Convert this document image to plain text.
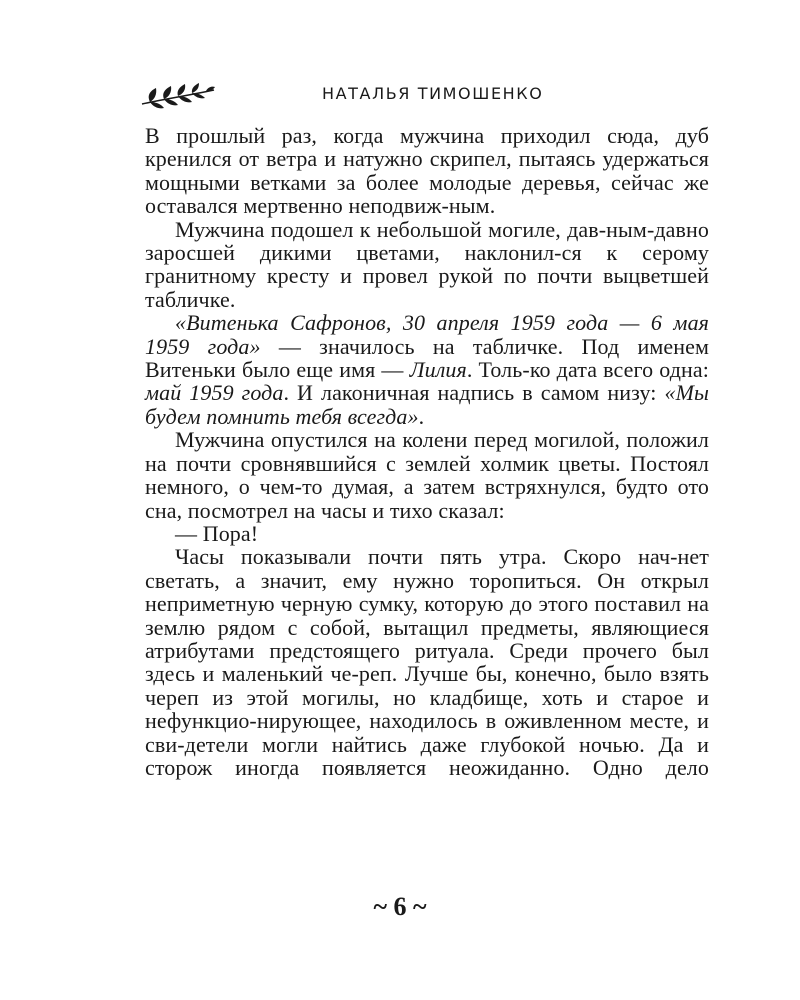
НАТАЛЬЯ ТИМОШЕНКО

В прошлый раз, когда мужчина приходил сюда, дуб кренился от ветра и натужно скрипел, пытаясь удержаться мощными ветками за более молодые деревья, сейчас же оставался мертвенно неподвиж-ным.

Мужчина подошел к небольшой могиле, дав-ным-давно заросшей дикими цветами, наклонил-ся к серому гранитному кресту и провел рукой по почти выцветшей табличке.

«Витенька Сафронов, 30 апреля 1959 года — 6 мая 1959 года» — значилось на табличке. Под именем Витеньки было еще имя — Лилия. Толь-ко дата всего одна: май 1959 года. И лаконичная надпись в самом низу: «Мы будем помнить тебя всегда».

Мужчина опустился на колени перед могилой, положил на почти сровнявшийся с землей холмик цветы. Постоял немного, о чем-то думая, а затем встряхнулся, будто ото сна, посмотрел на часы и тихо сказал:

— Пора!

Часы показывали почти пять утра. Скоро нач-нет светать, а значит, ему нужно торопиться. Он открыл неприметную черную сумку, которую до этого поставил на землю рядом с собой, вытащил предметы, являющиеся атрибутами предстоящего ритуала. Среди прочего был здесь и маленький че-реп. Лучше бы, конечно, было взять череп из этой могилы, но кладбище, хоть и старое и нефункцио-нирующее, находилось в оживленном месте, и сви-детели могли найтись даже глубокой ночью. Да и сторож иногда появляется неожиданно. Одно дело

~ 6 ~
